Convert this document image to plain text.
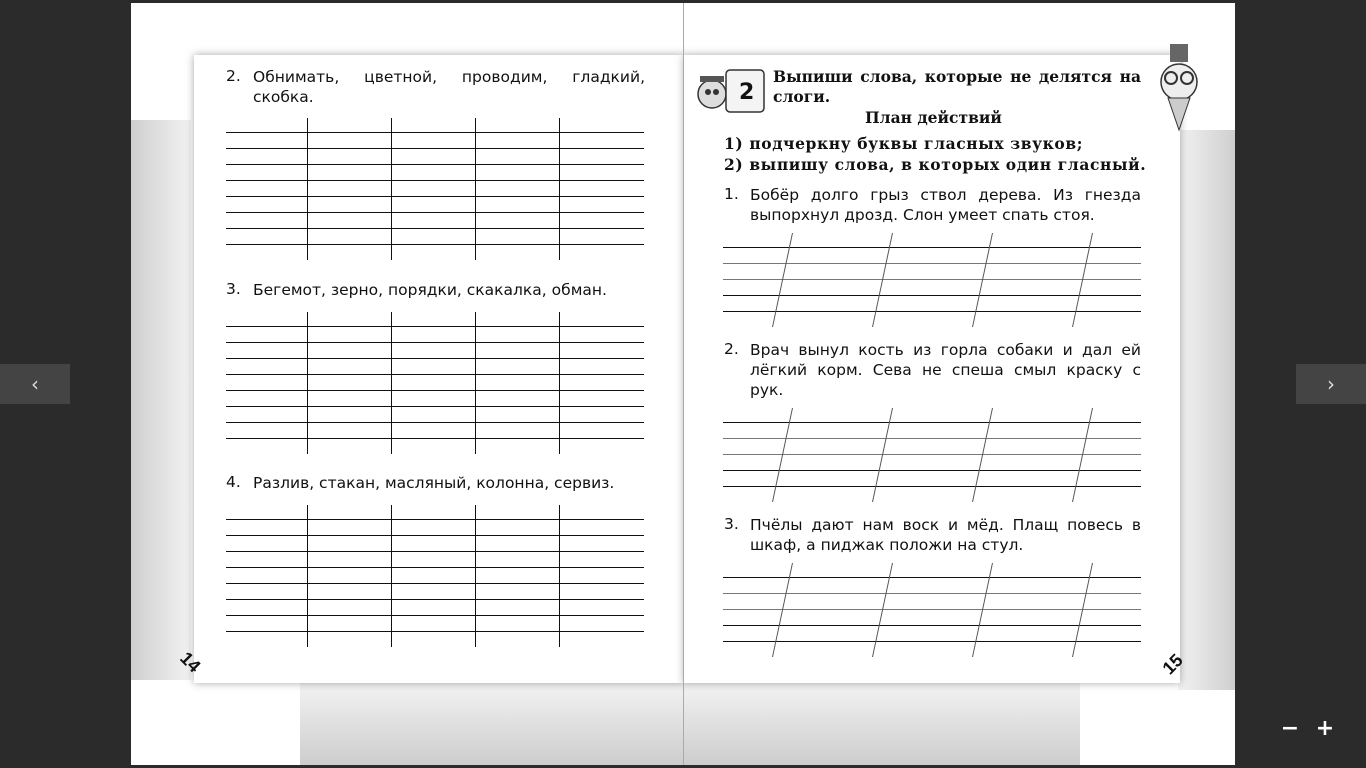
‹	›
2. Обнимать, цветной, проводим, гладкий, скобка.
3. Бегемот, зерно, порядки, скакалка, обман.
4. Разлив, стакан, масляный, колонна, сервиз.
14
2
Выпиши слова, которые не делятся на слоги.
План действий
1) подчеркну буквы гласных звуков;
2) выпишу слова, в которых один гласный.
1. Бобёр долго грыз ствол дерева. Из гнезда выпорхнул дрозд. Слон умеет спать стоя.
2. Врач вынул кость из горла собаки и дал ей лёгкий корм. Сева не спеша смыл краску с рук.
3. Пчёлы дают нам воск и мёд. Плащ повесь в шкаф, а пиджак положи на стул.
15
− +
